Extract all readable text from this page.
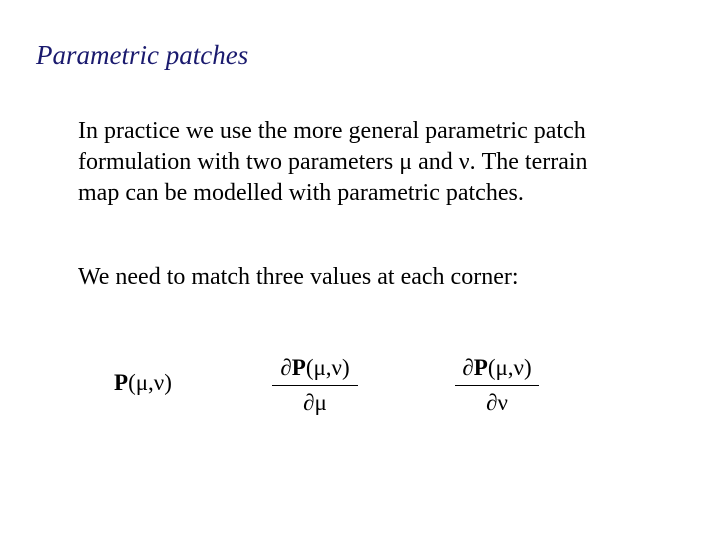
Parametric patches
In practice we use the more general parametric patch
formulation with two parameters μ and ν. The terrain
map can be modelled with parametric patches.
We need to match three values at each corner:
P(μ,ν)
∂P(μ,ν)
∂μ
∂P(μ,ν)
∂ν
